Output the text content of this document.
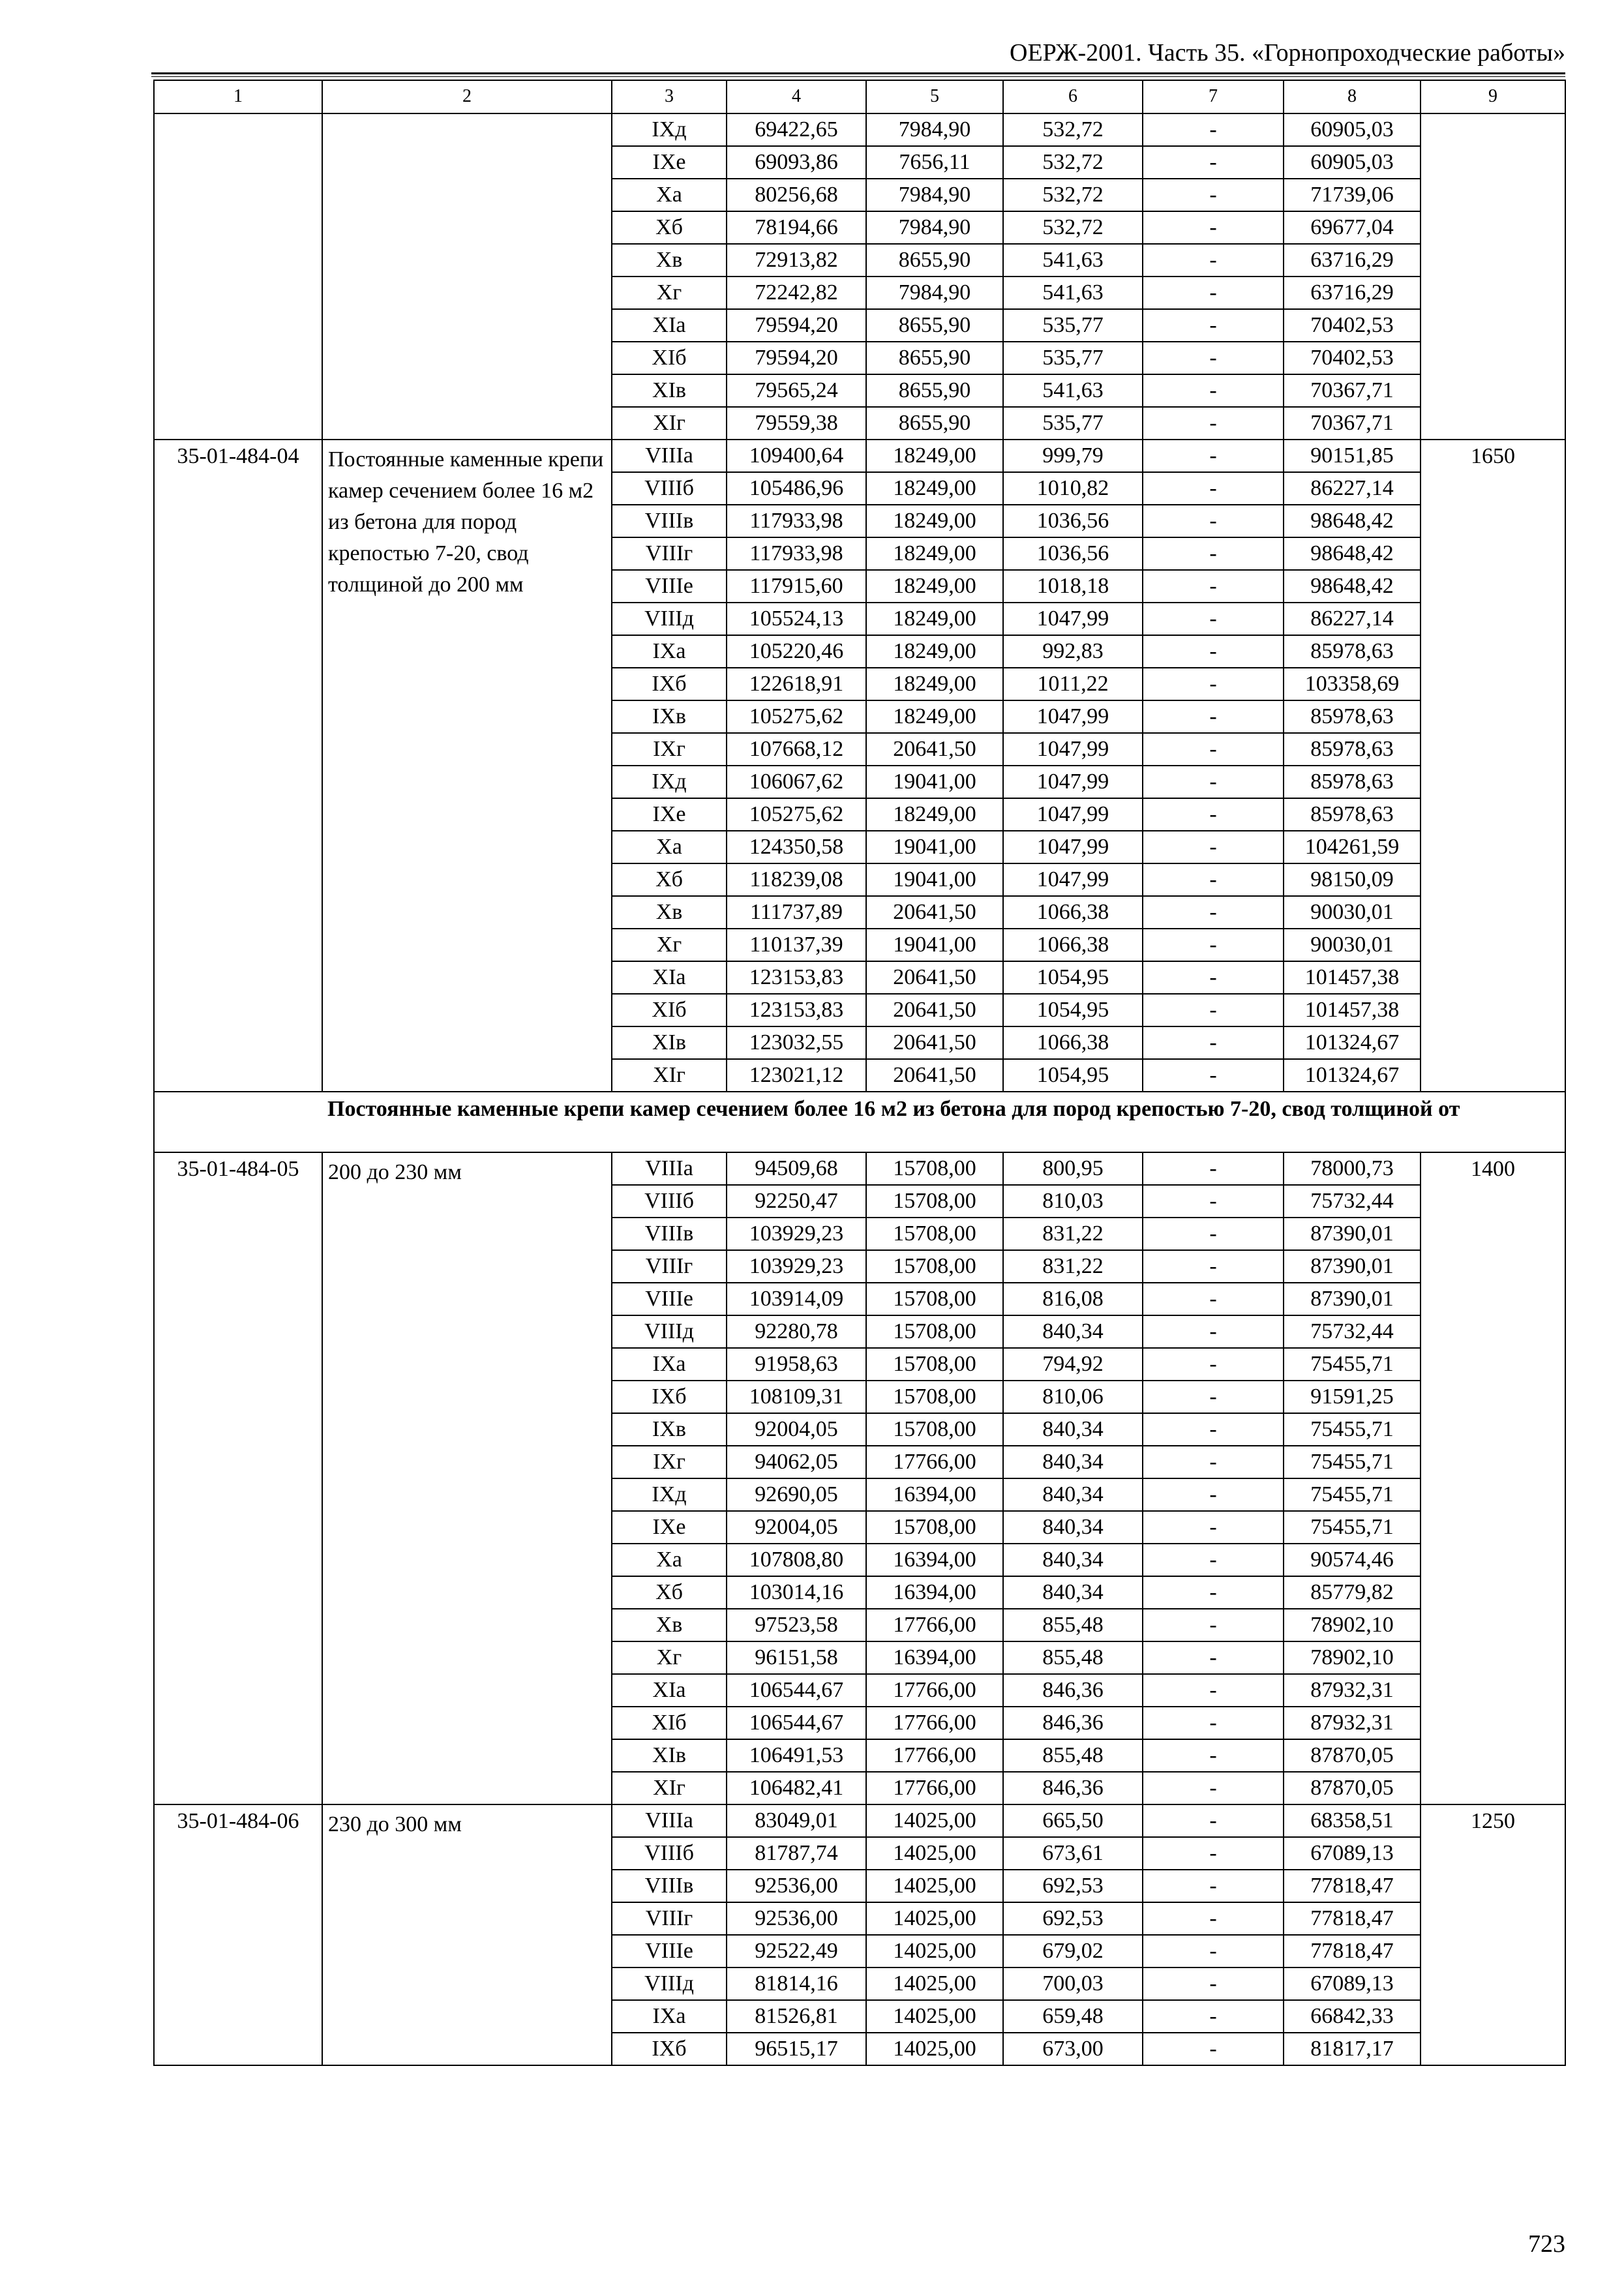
ОЕРЖ-2001. Часть 35. «Горнопроходческие работы»
1	2	3	4	5	6	7	8	9
		IXд	69422,65	7984,90	532,72	-	60905,03	
		IXе	69093,86	7656,11	532,72	-	60905,03	
		Xа	80256,68	7984,90	532,72	-	71739,06	
		Xб	78194,66	7984,90	532,72	-	69677,04	
		Xв	72913,82	8655,90	541,63	-	63716,29	
		Xг	72242,82	7984,90	541,63	-	63716,29	
		XIа	79594,20	8655,90	535,77	-	70402,53	
		XIб	79594,20	8655,90	535,77	-	70402,53	
		XIв	79565,24	8655,90	541,63	-	70367,71	
		XIг	79559,38	8655,90	535,77	-	70367,71	
35-01-484-04	Постоянные каменные крепи камер сечением более 16 м2 из бетона для пород крепостью 7-20, свод толщиной до 200 мм	VIIIа	109400,64	18249,00	999,79	-	90151,85	1650
		VIIIб	105486,96	18249,00	1010,82	-	86227,14	
		VIIIв	117933,98	18249,00	1036,56	-	98648,42	
		VIIIг	117933,98	18249,00	1036,56	-	98648,42	
		VIIIе	117915,60	18249,00	1018,18	-	98648,42	
		VIIIд	105524,13	18249,00	1047,99	-	86227,14	
		IXа	105220,46	18249,00	992,83	-	85978,63	
		IXб	122618,91	18249,00	1011,22	-	103358,69	
		IXв	105275,62	18249,00	1047,99	-	85978,63	
		IXг	107668,12	20641,50	1047,99	-	85978,63	
		IXд	106067,62	19041,00	1047,99	-	85978,63	
		IXе	105275,62	18249,00	1047,99	-	85978,63	
		Xа	124350,58	19041,00	1047,99	-	104261,59	
		Xб	118239,08	19041,00	1047,99	-	98150,09	
		Xв	111737,89	20641,50	1066,38	-	90030,01	
		Xг	110137,39	19041,00	1066,38	-	90030,01	
		XIа	123153,83	20641,50	1054,95	-	101457,38	
		XIб	123153,83	20641,50	1054,95	-	101457,38	
		XIв	123032,55	20641,50	1066,38	-	101324,67	
		XIг	123021,12	20641,50	1054,95	-	101324,67	
	Постоянные каменные крепи камер сечением более 16 м2 из бетона для пород крепостью 7-20, свод толщиной от							
35-01-484-05	200 до 230 мм	VIIIа	94509,68	15708,00	800,95	-	78000,73	1400
		VIIIб	92250,47	15708,00	810,03	-	75732,44	
		VIIIв	103929,23	15708,00	831,22	-	87390,01	
		VIIIг	103929,23	15708,00	831,22	-	87390,01	
		VIIIе	103914,09	15708,00	816,08	-	87390,01	
		VIIIд	92280,78	15708,00	840,34	-	75732,44	
		IXа	91958,63	15708,00	794,92	-	75455,71	
		IXб	108109,31	15708,00	810,06	-	91591,25	
		IXв	92004,05	15708,00	840,34	-	75455,71	
		IXг	94062,05	17766,00	840,34	-	75455,71	
		IXд	92690,05	16394,00	840,34	-	75455,71	
		IXе	92004,05	15708,00	840,34	-	75455,71	
		Xа	107808,80	16394,00	840,34	-	90574,46	
		Xб	103014,16	16394,00	840,34	-	85779,82	
		Xв	97523,58	17766,00	855,48	-	78902,10	
		Xг	96151,58	16394,00	855,48	-	78902,10	
		XIа	106544,67	17766,00	846,36	-	87932,31	
		XIб	106544,67	17766,00	846,36	-	87932,31	
		XIв	106491,53	17766,00	855,48	-	87870,05	
		XIг	106482,41	17766,00	846,36	-	87870,05	
35-01-484-06	230 до 300 мм	VIIIа	83049,01	14025,00	665,50	-	68358,51	1250
		VIIIб	81787,74	14025,00	673,61	-	67089,13	
		VIIIв	92536,00	14025,00	692,53	-	77818,47	
		VIIIг	92536,00	14025,00	692,53	-	77818,47	
		VIIIе	92522,49	14025,00	679,02	-	77818,47	
		VIIIд	81814,16	14025,00	700,03	-	67089,13	
		IXа	81526,81	14025,00	659,48	-	66842,33	
		IXб	96515,17	14025,00	673,00	-	81817,17	
723
